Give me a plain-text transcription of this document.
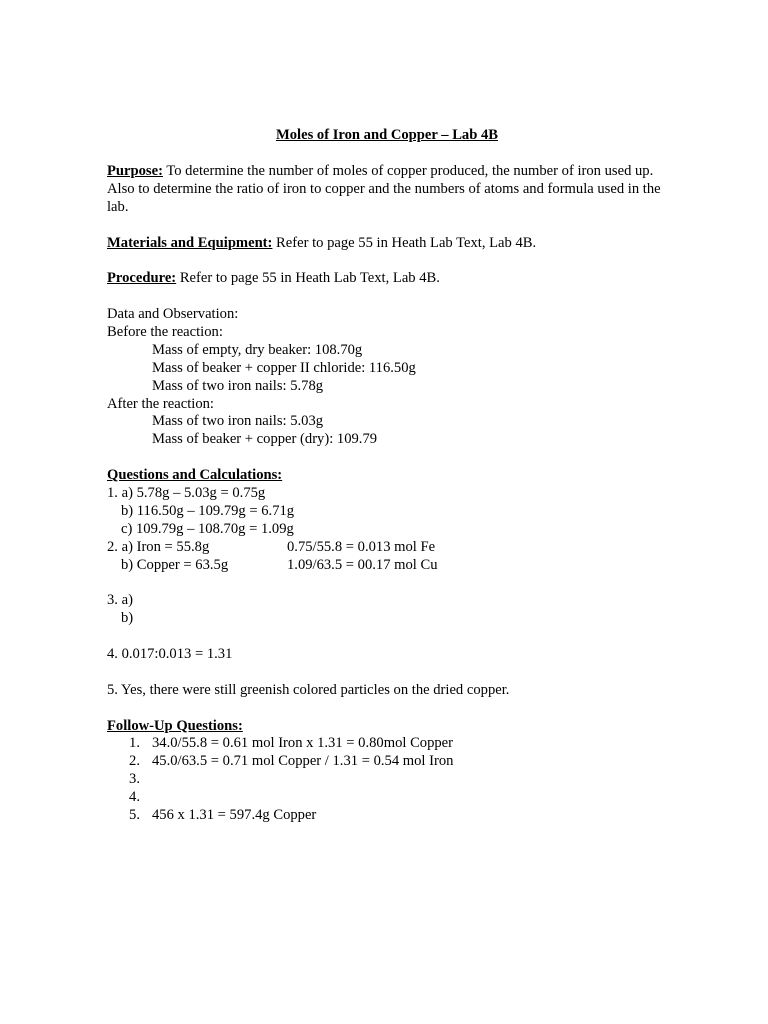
Moles of Iron and Copper – Lab 4B
Purpose: To determine the number of moles of copper produced, the number of iron used up. Also to determine the ratio of iron to copper and the numbers of atoms and formula used in the lab.
Materials and Equipment: Refer to page 55 in Heath Lab Text, Lab 4B.
Procedure: Refer to page 55 in Heath Lab Text, Lab 4B.
Data and Observation:
Before the reaction:
Mass of empty, dry beaker: 108.70g
Mass of beaker + copper II chloride: 116.50g
Mass of two iron nails: 5.78g
After the reaction:
Mass of two iron nails: 5.03g
Mass of beaker + copper (dry): 109.79
Questions and Calculations:
1. a) 5.78g – 5.03g = 0.75g
b) 116.50g – 109.79g = 6.71g
c) 109.79g – 108.70g = 1.09g
2. a) Iron = 55.8g	0.75/55.8 = 0.013 mol Fe
b) Copper = 63.5g	1.09/63.5 = 00.17 mol Cu
3. a)
b)
4. 0.017:0.013 = 1.31
5. Yes, there were still greenish colored particles on the dried copper.
Follow-Up Questions:
1. 34.0/55.8 = 0.61 mol Iron x 1.31 = 0.80mol Copper
2. 45.0/63.5 = 0.71 mol Copper / 1.31 = 0.54 mol Iron
3.
4.
5. 456 x 1.31 = 597.4g Copper
